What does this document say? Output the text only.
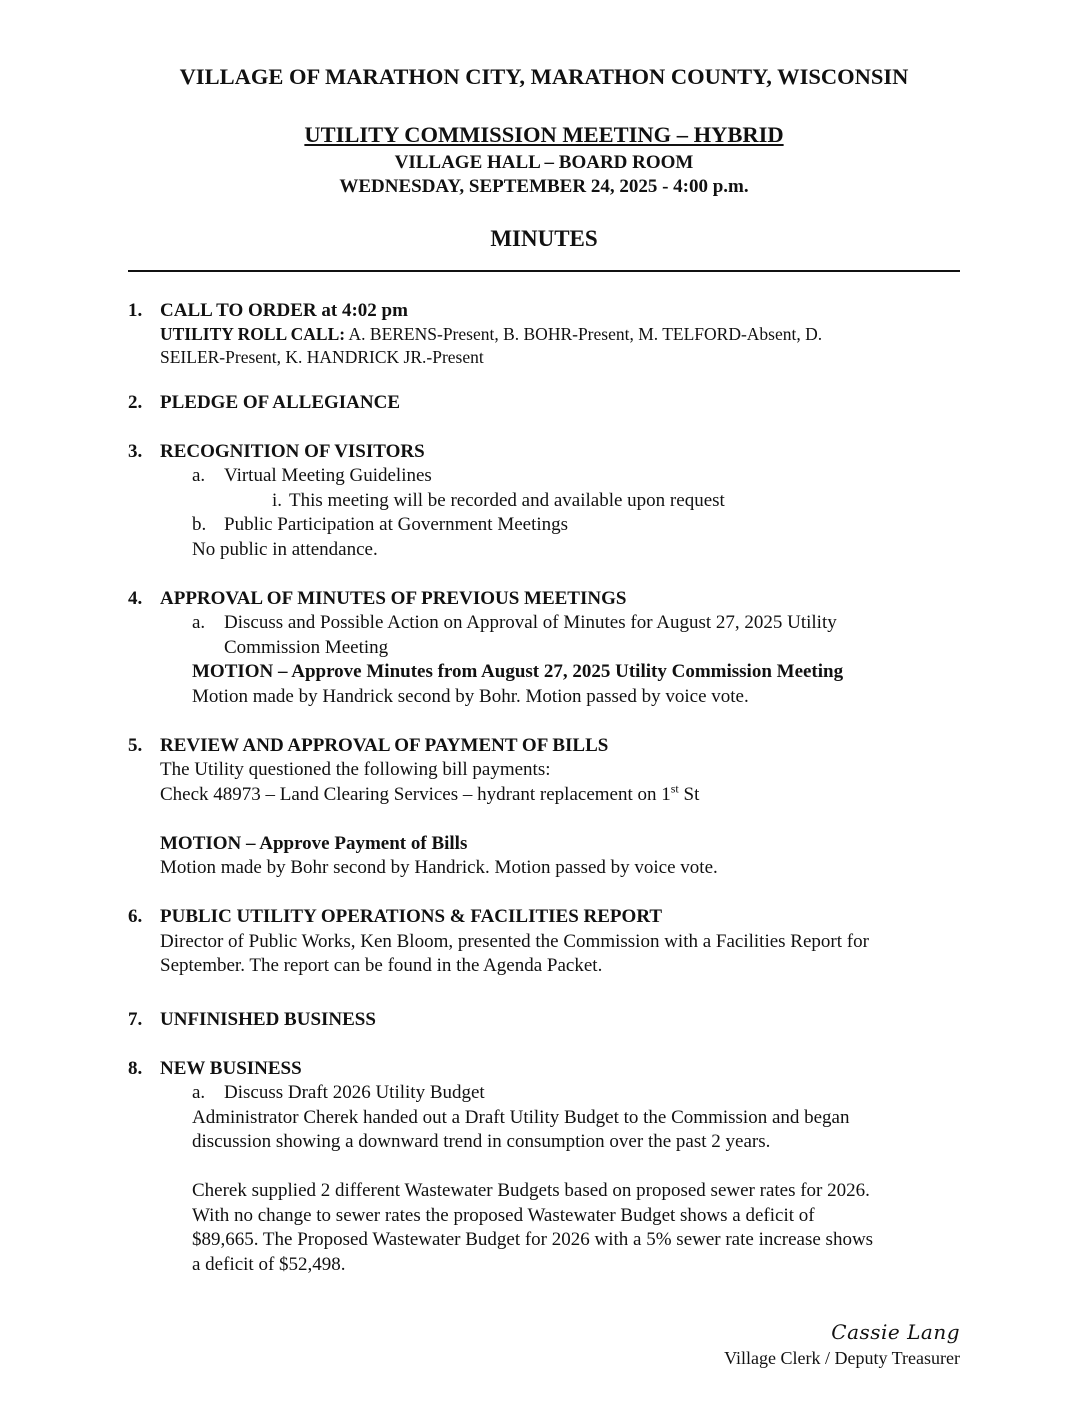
VILLAGE OF MARATHON CITY, MARATHON COUNTY, WISCONSIN
UTILITY COMMISSION MEETING – HYBRID
VILLAGE HALL – BOARD ROOM
WEDNESDAY, SEPTEMBER 24, 2025 - 4:00 p.m.
MINUTES
1. CALL TO ORDER at 4:02 pm
UTILITY ROLL CALL: A. BERENS-Present, B. BOHR-Present, M. TELFORD-Absent, D.
SEILER-Present, K. HANDRICK JR.-Present
2. PLEDGE OF ALLEGIANCE
3. RECOGNITION OF VISITORS
a. Virtual Meeting Guidelines
i. This meeting will be recorded and available upon request
b. Public Participation at Government Meetings
No public in attendance.
4. APPROVAL OF MINUTES OF PREVIOUS MEETINGS
a. Discuss and Possible Action on Approval of Minutes for August 27, 2025 Utility
Commission Meeting
MOTION – Approve Minutes from August 27, 2025 Utility Commission Meeting
Motion made by Handrick second by Bohr. Motion passed by voice vote.
5. REVIEW AND APPROVAL OF PAYMENT OF BILLS
The Utility questioned the following bill payments:
Check 48973 – Land Clearing Services – hydrant replacement on 1st St
MOTION – Approve Payment of Bills
Motion made by Bohr second by Handrick. Motion passed by voice vote.
6. PUBLIC UTILITY OPERATIONS & FACILITIES REPORT
Director of Public Works, Ken Bloom, presented the Commission with a Facilities Report for
September. The report can be found in the Agenda Packet.
7. UNFINISHED BUSINESS
8. NEW BUSINESS
a. Discuss Draft 2026 Utility Budget
Administrator Cherek handed out a Draft Utility Budget to the Commission and began
discussion showing a downward trend in consumption over the past 2 years.
Cherek supplied 2 different Wastewater Budgets based on proposed sewer rates for 2026.
With no change to sewer rates the proposed Wastewater Budget shows a deficit of
$89,665. The Proposed Wastewater Budget for 2026 with a 5% sewer rate increase shows
a deficit of $52,498.
Cassie Lang
Village Clerk / Deputy Treasurer
